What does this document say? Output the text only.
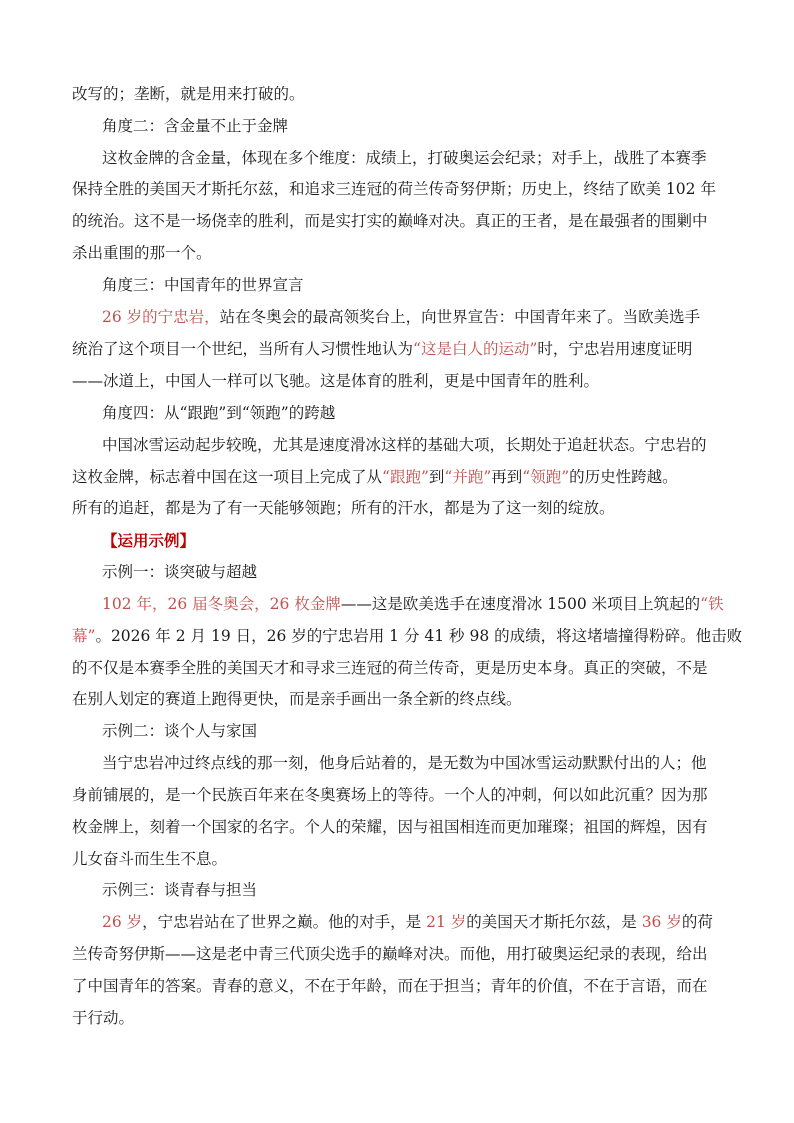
改写的；垄断，就是用来打破的。
角度二：含金量不止于金牌
这枚金牌的含金量，体现在多个维度：成绩上，打破奥运会纪录；对手上，战胜了本赛季
保持全胜的美国天才斯托尔兹，和追求三连冠的荷兰传奇努伊斯；历史上，终结了欧美 102 年
的统治。这不是一场侥幸的胜利，而是实打实的巅峰对决。真正的王者，是在最强者的围剿中
杀出重围的那一个。
角度三：中国青年的世界宣言
26 岁的宁忠岩，站在冬奥会的最高领奖台上，向世界宣告：中国青年来了。当欧美选手
统治了这个项目一个世纪，当所有人习惯性地认为“这是白人的运动”时，宁忠岩用速度证明
——冰道上，中国人一样可以飞驰。这是体育的胜利，更是中国青年的胜利。
角度四：从“跟跑”到“领跑”的跨越
中国冰雪运动起步较晚，尤其是速度滑冰这样的基础大项，长期处于追赶状态。宁忠岩的
这枚金牌，标志着中国在这一项目上完成了从“跟跑”到“并跑”再到“领跑”的历史性跨越。
所有的追赶，都是为了有一天能够领跑；所有的汗水，都是为了这一刻的绽放。
【运用示例】
示例一：谈突破与超越
102 年，26 届冬奥会，26 枚金牌——这是欧美选手在速度滑冰 1500 米项目上筑起的“铁
幕”。2026 年 2 月 19 日，26 岁的宁忠岩用 1 分 41 秒 98 的成绩，将这堵墙撞得粉碎。他击败
的不仅是本赛季全胜的美国天才和寻求三连冠的荷兰传奇，更是历史本身。真正的突破，不是
在别人划定的赛道上跑得更快，而是亲手画出一条全新的终点线。
示例二：谈个人与家国
当宁忠岩冲过终点线的那一刻，他身后站着的，是无数为中国冰雪运动默默付出的人；他
身前铺展的，是一个民族百年来在冬奥赛场上的等待。一个人的冲刺，何以如此沉重？因为那
枚金牌上，刻着一个国家的名字。个人的荣耀，因与祖国相连而更加璀璨；祖国的辉煌，因有
儿女奋斗而生生不息。
示例三：谈青春与担当
26 岁，宁忠岩站在了世界之巅。他的对手，是 21 岁的美国天才斯托尔兹，是 36 岁的荷
兰传奇努伊斯——这是老中青三代顶尖选手的巅峰对决。而他，用打破奥运纪录的表现，给出
了中国青年的答案。青春的意义，不在于年龄，而在于担当；青年的价值，不在于言语，而在
于行动。
